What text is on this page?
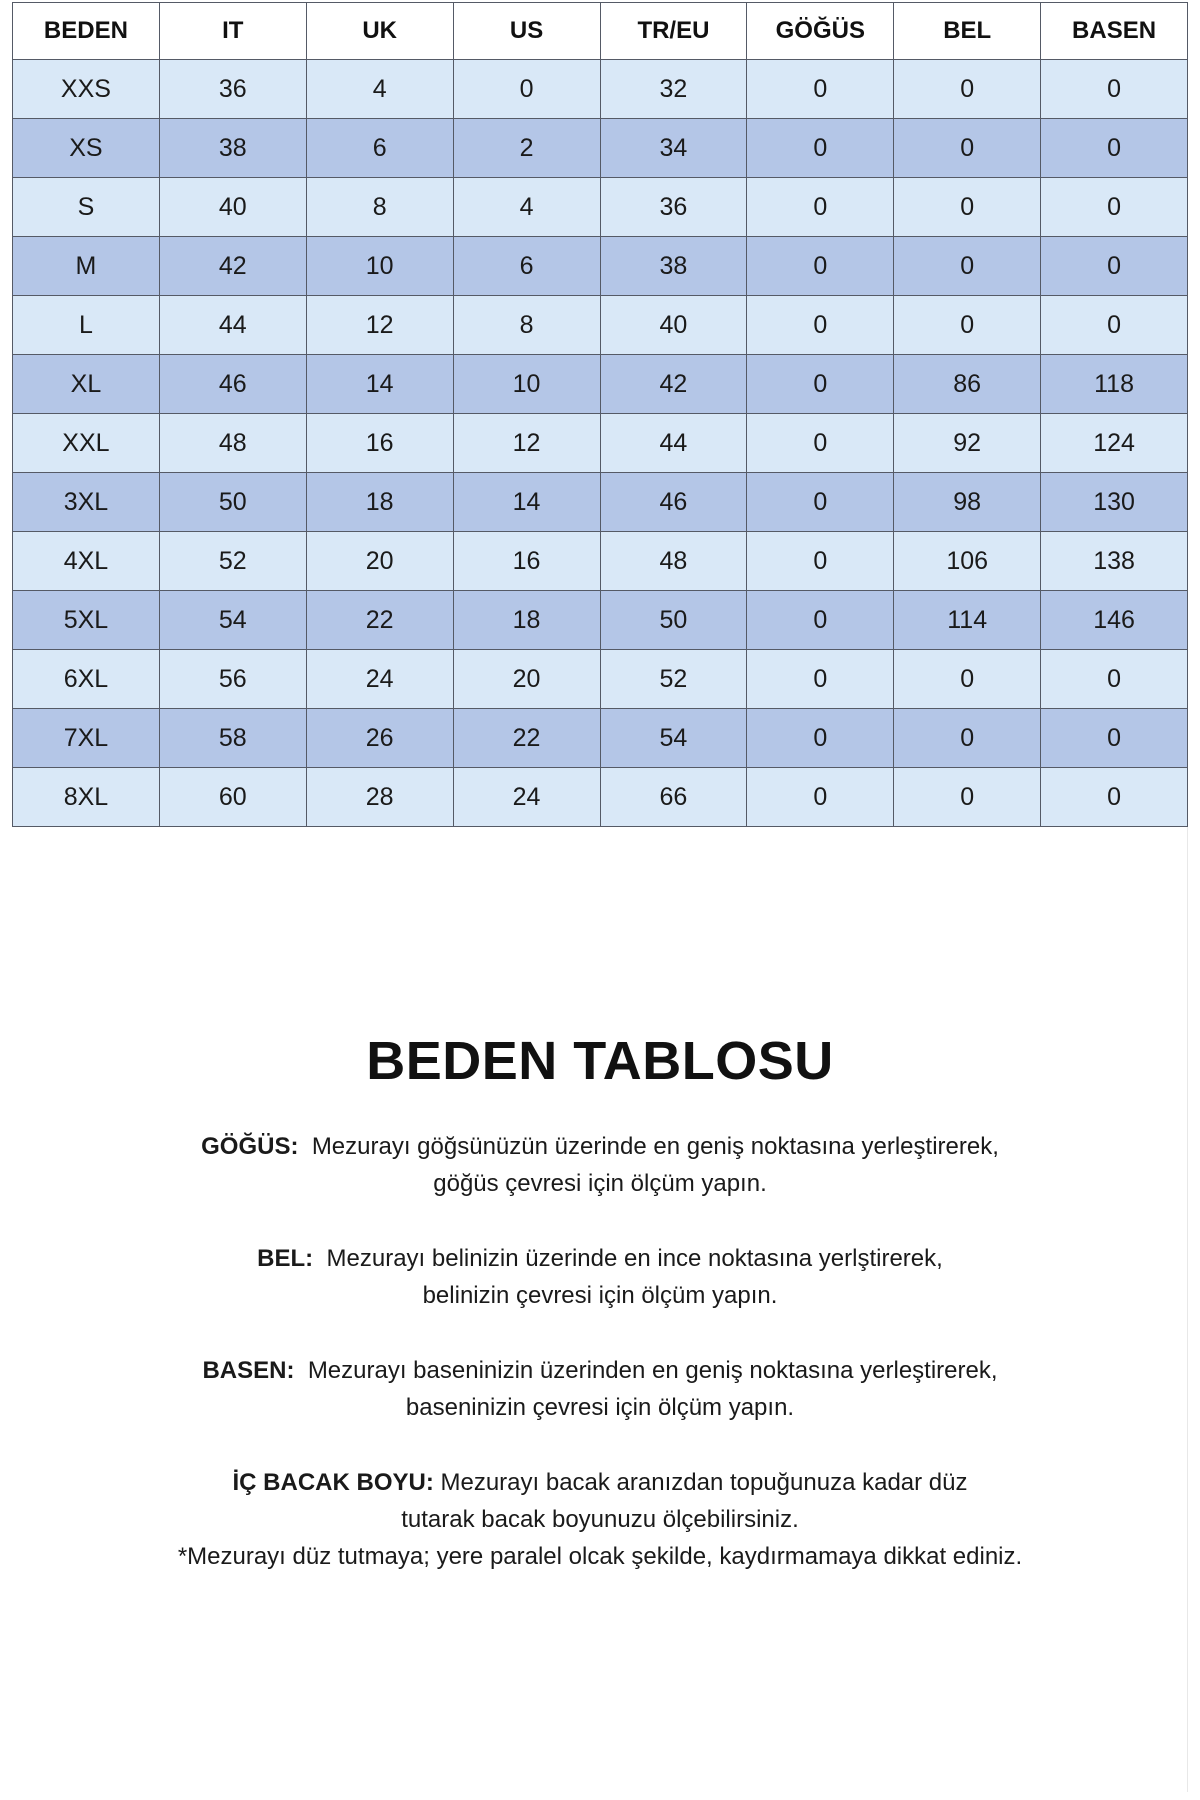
BEDEN	IT	UK	US	TR/EU	GÖĞÜS	BEL	BASEN
XXS	36	4	0	32	0	0	0
XS	38	6	2	34	0	0	0
S	40	8	4	36	0	0	0
M	42	10	6	38	0	0	0
L	44	12	8	40	0	0	0
XL	46	14	10	42	0	86	118
XXL	48	16	12	44	0	92	124
3XL	50	18	14	46	0	98	130
4XL	52	20	16	48	0	106	138
5XL	54	22	18	50	0	114	146
6XL	56	24	20	52	0	0	0
7XL	58	26	22	54	0	0	0
8XL	60	28	24	66	0	0	0
BEDEN TABLOSU
GÖĞÜS: Mezurayı göğsünüzün üzerinde en geniş noktasına yerleştirerek,
göğüs çevresi için ölçüm yapın.
BEL: Mezurayı belinizin üzerinde en ince noktasına yerlştirerek,
belinizin çevresi için ölçüm yapın.
BASEN: Mezurayı baseninizin üzerinden en geniş noktasına yerleştirerek,
baseninizin çevresi için ölçüm yapın.
İÇ BACAK BOYU: Mezurayı bacak aranızdan topuğunuza kadar düz
tutarak bacak boyunuzu ölçebilirsiniz.
*Mezurayı düz tutmaya; yere paralel olcak şekilde, kaydırmamaya dikkat ediniz.
